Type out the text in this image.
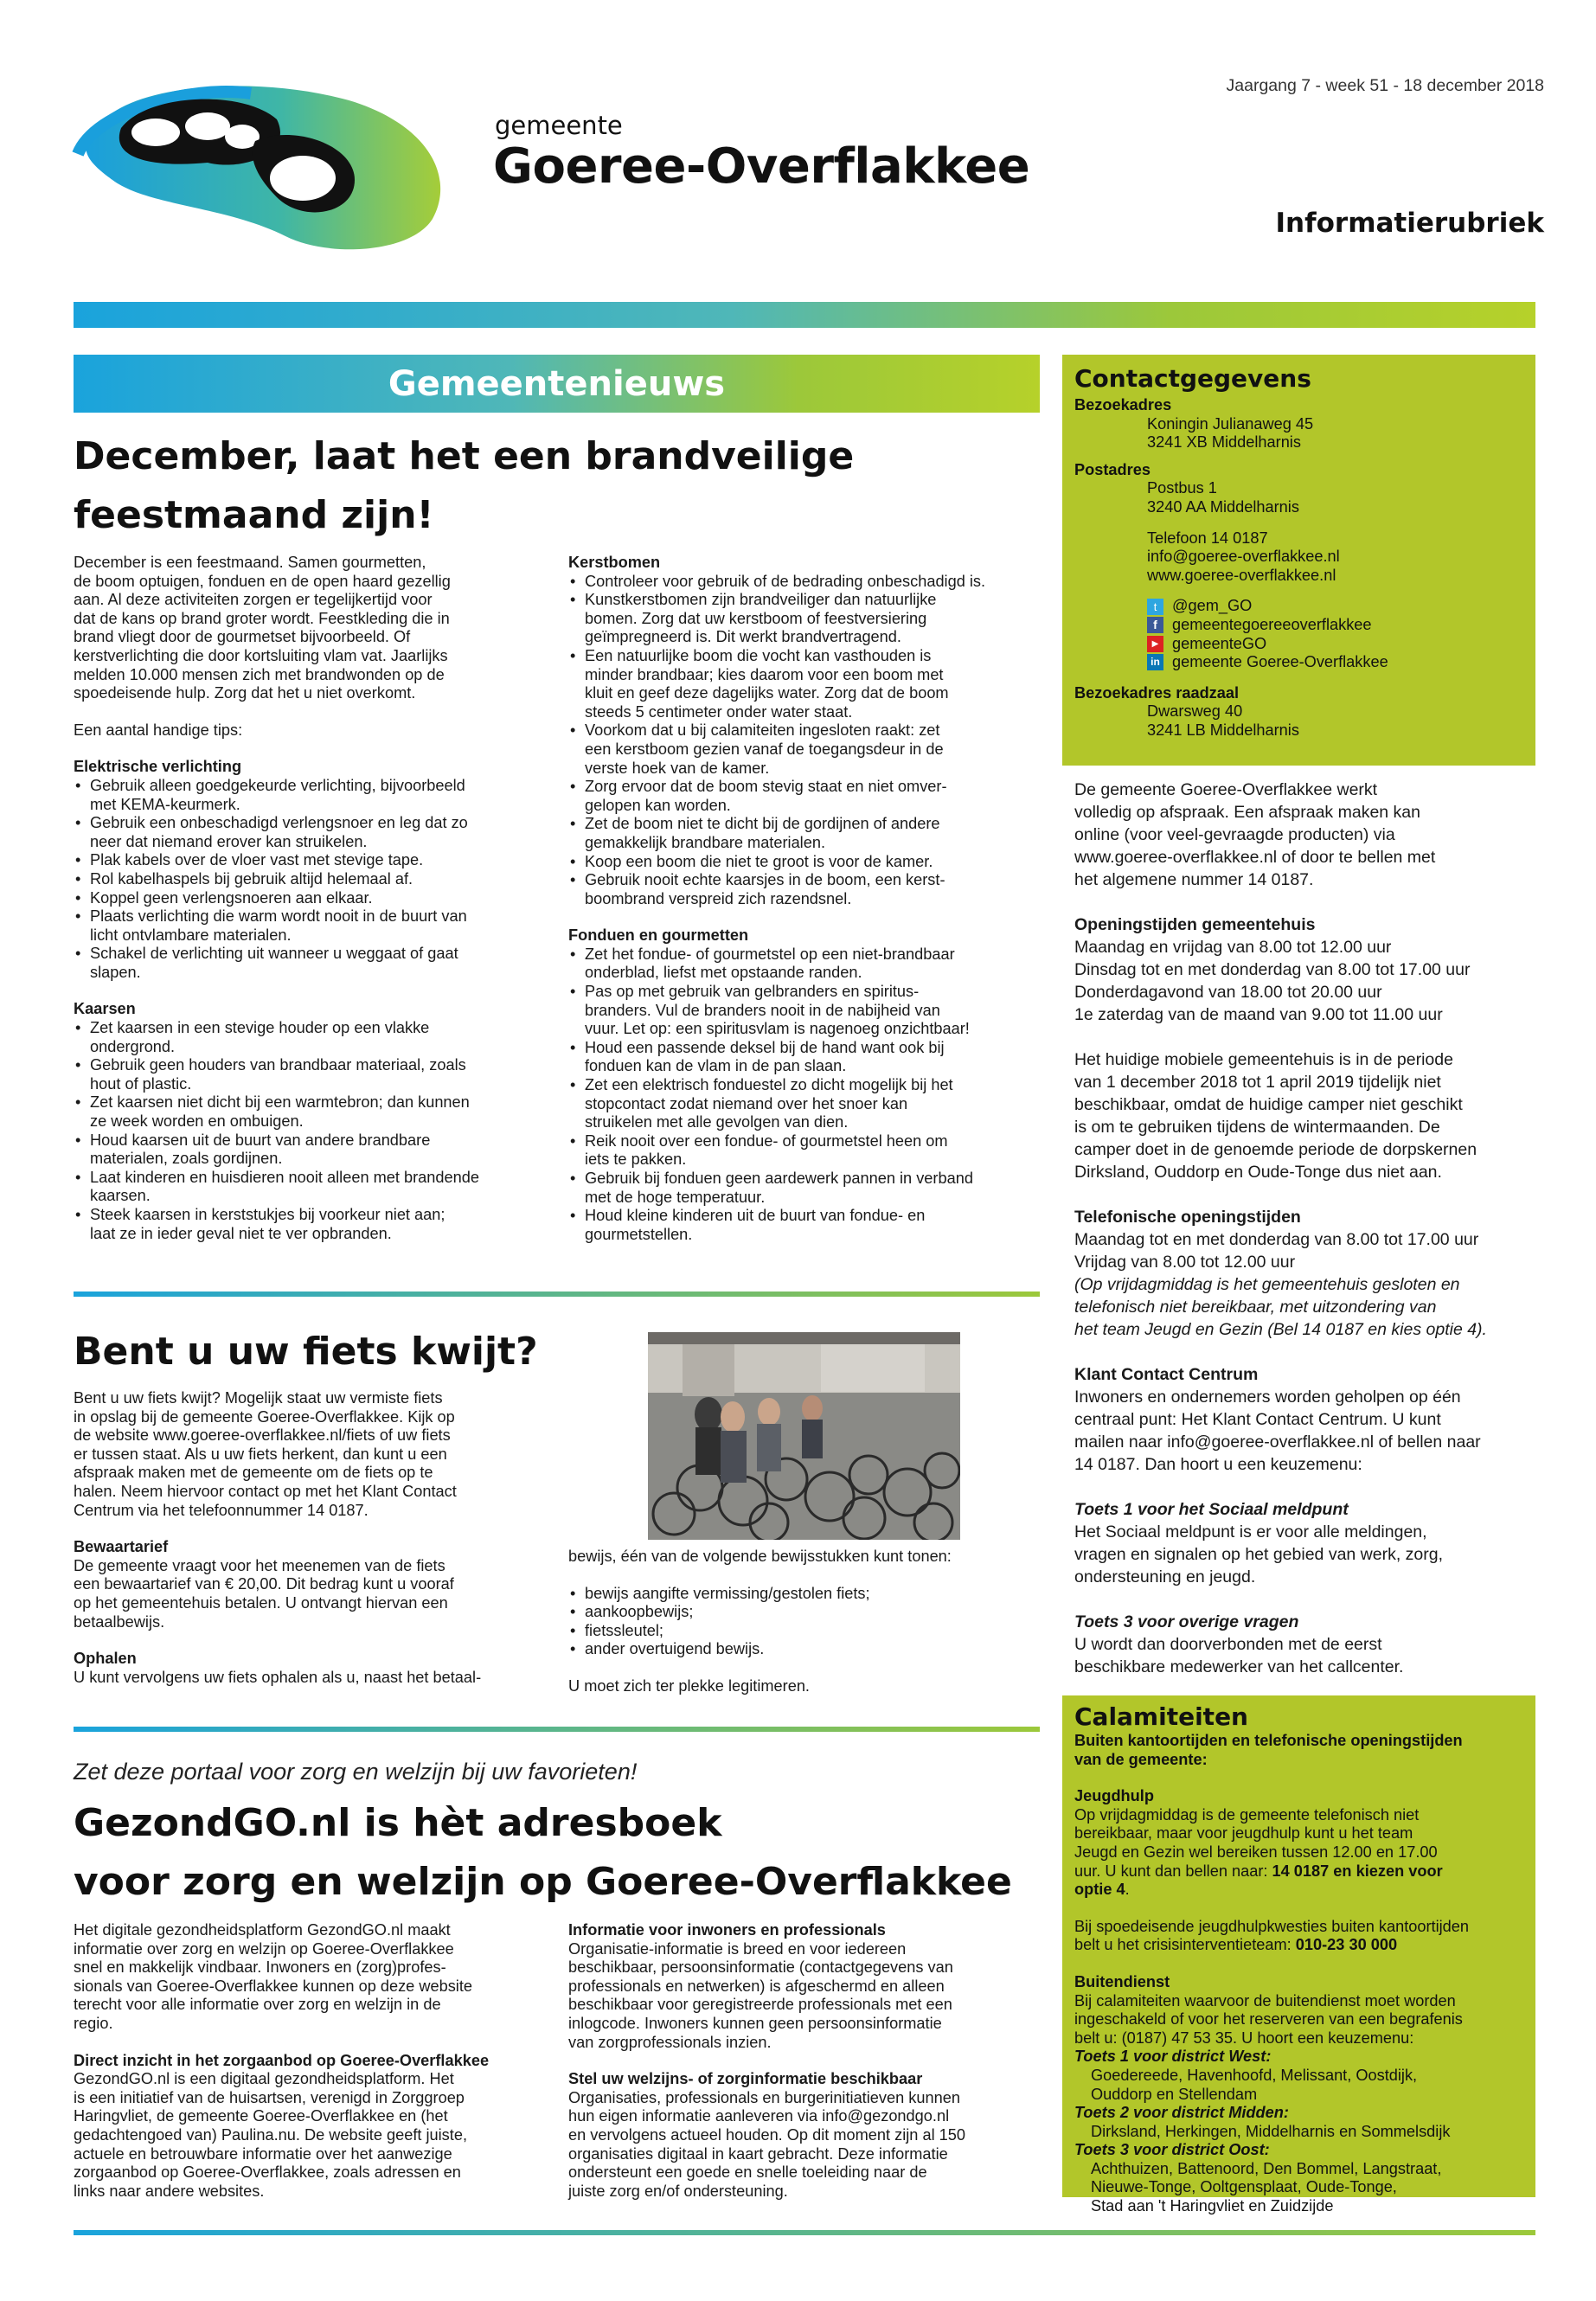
Jaargang 7 - week 51 - 18 december 2018
gemeente
Goeree-Overflakkee
Informatierubriek
Gemeentenieuws
December, laat het een brandveilige
feestmaand zijn!
December is een feestmaand. Samen gourmetten,
de boom optuigen, fonduen en de open haard gezellig
aan. Al deze activiteiten zorgen er tegelijkertijd voor
dat de kans op brand groter wordt. Feestkleding die in
brand vliegt door de gourmetset bijvoorbeeld. Of
kerstverlichting die door kortsluiting vlam vat. Jaarlijks
melden 10.000 mensen zich met brandwonden op de
spoedeisende hulp. Zorg dat het u niet overkomt.

Een aantal handige tips:

Elektrische verlichting

• Gebruik alleen goedgekeurde verlichting, bijvoorbeeld
met KEMA-keurmerk.
• Gebruik een onbeschadigd verlengsnoer en leg dat zo
neer dat niemand erover kan struikelen.
• Plak kabels over de vloer vast met stevige tape.
• Rol kabelhaspels bij gebruik altijd helemaal af.
• Koppel geen verlengsnoeren aan elkaar.
• Plaats verlichting die warm wordt nooit in de buurt van
licht ontvlambare materialen.
• Schakel de verlichting uit wanneer u weggaat of gaat
slapen.

Kaarsen

• Zet kaarsen in een stevige houder op een vlakke
ondergrond.
• Gebruik geen houders van brandbaar materiaal, zoals
hout of plastic.
• Zet kaarsen niet dicht bij een warmtebron; dan kunnen
ze week worden en ombuigen.
• Houd kaarsen uit de buurt van andere brandbare
materialen, zoals gordijnen.
• Laat kinderen en huisdieren nooit alleen met brandende
kaarsen.
• Steek kaarsen in kerststukjes bij voorkeur niet aan;
laat ze in ieder geval niet te ver opbranden.

Kerstbomen

• Controleer voor gebruik of de bedrading onbeschadigd is.
• Kunstkerstbomen zijn brandveiliger dan natuurlijke
bomen. Zorg dat uw kerstboom of feestversiering
geïmpregneerd is. Dit werkt brandvertragend.
• Een natuurlijke boom die vocht kan vasthouden is
minder brandbaar; kies daarom voor een boom met
kluit en geef deze dagelijks water. Zorg dat de boom
steeds 5 centimeter onder water staat.
• Voorkom dat u bij calamiteiten ingesloten raakt: zet
een kerstboom gezien vanaf de toegangsdeur in de
verste hoek van de kamer.
• Zorg ervoor dat de boom stevig staat en niet omver-
gelopen kan worden.
• Zet de boom niet te dicht bij de gordijnen of andere
gemakkelijk brandbare materialen.
• Koop een boom die niet te groot is voor de kamer.
• Gebruik nooit echte kaarsjes in de boom, een kerst-
boombrand verspreid zich razendsnel.

Fonduen en gourmetten

• Zet het fondue- of gourmetstel op een niet-brandbaar
onderblad, liefst met opstaande randen.
• Pas op met gebruik van gelbranders en spiritus-
branders. Vul de branders nooit in de nabijheid van
vuur. Let op: een spiritusvlam is nagenoeg onzichtbaar!
• Houd een passende deksel bij de hand want ook bij
fonduen kan de vlam in de pan slaan.
• Zet een elektrisch fonduestel zo dicht mogelijk bij het
stopcontact zodat niemand over het snoer kan
struikelen met alle gevolgen van dien.
• Reik nooit over een fondue- of gourmetstel heen om
iets te pakken.
• Gebruik bij fonduen geen aardewerk pannen in verband
met de hoge temperatuur.
• Houd kleine kinderen uit de buurt van fondue- en
gourmetstellen.
Bent u uw fiets kwijt?
Bent u uw fiets kwijt? Mogelijk staat uw vermiste fiets
in opslag bij de gemeente Goeree-Overflakkee. Kijk op
de website www.goeree-overflakkee.nl/fiets of uw fiets
er tussen staat. Als u uw fiets herkent, dan kunt u een
afspraak maken met de gemeente om de fiets op te
halen. Neem hiervoor contact op met het Klant Contact
Centrum via het telefoonnummer 14 0187.

Bewaartarief

De gemeente vraagt voor het meenemen van de fiets
een bewaartarief van € 20,00. Dit bedrag kunt u vooraf
op het gemeentehuis betalen. U ontvangt hiervan een
betaalbewijs.

Ophalen

U kunt vervolgens uw fiets ophalen als u, naast het betaal-

bewijs, één van de volgende bewijsstukken kunt tonen:

• bewijs aangifte vermissing/gestolen fiets;
• aankoopbewijs;
• fietssleutel;
• ander overtuigend bewijs.

U moet zich ter plekke legitimeren.

Zet deze portaal voor zorg en welzijn bij uw favorieten!
GezondGO.nl is hèt adresboek
voor zorg en welzijn op Goeree-Overflakkee
Het digitale gezondheidsplatform GezondGO.nl maakt
informatie over zorg en welzijn op Goeree-Overflakkee
snel en makkelijk vindbaar. Inwoners en (zorg)profes-
sionals van Goeree-Overflakkee kunnen op deze website
terecht voor alle informatie over zorg en welzijn in de
regio.

Direct inzicht in het zorgaanbod op Goeree-Overflakkee

GezondGO.nl is een digitaal gezondheidsplatform. Het
is een initiatief van de huisartsen, verenigd in Zorggroep
Haringvliet, de gemeente Goeree-Overflakkee en (het
gedachtengoed van) Paulina.nu. De website geeft juiste,
actuele en betrouwbare informatie over het aanwezige
zorgaanbod op Goeree-Overflakkee, zoals adressen en
links naar andere websites.

Informatie voor inwoners en professionals

Organisatie-informatie is breed en voor iedereen
beschikbaar, persoonsinformatie (contactgegevens van
professionals en netwerken) is afgeschermd en alleen
beschikbaar voor geregistreerde professionals met een
inlogcode. Inwoners kunnen geen persoonsinformatie
van zorgprofessionals inzien.

Stel uw welzijns- of zorginformatie beschikbaar

Organisaties, professionals en burgerinitiatieven kunnen
hun eigen informatie aanleveren via info@gezondgo.nl
en vervolgens actueel houden. Op dit moment zijn al 150
organisaties digitaal in kaart gebracht. Deze informatie
ondersteunt een goede en snelle toeleiding naar de
juiste zorg en/of ondersteuning.
Contactgegevens

Bezoekadres

Koningin Julianaweg 45
3241 XB Middelharnis

Postadres

Postbus 1
3240 AA Middelharnis
Telefoon 14 0187
info@goeree-overflakkee.nl
www.goeree-overflakkee.nl
t @gem_GO
f gemeentegoereeoverflakkee
▶ gemeenteGO
in gemeente Goeree-Overflakkee

Bezoekadres raadzaal

Dwarsweg 40
3241 LB Middelharnis
De gemeente Goeree-Overflakkee werkt
volledig op afspraak. Een afspraak maken kan
online (voor veel-gevraagde producten) via
www.goeree-overflakkee.nl of door te bellen met
het algemene nummer 14 0187.

Openingstijden gemeentehuis

Maandag en vrijdag van 8.00 tot 12.00 uur
Dinsdag tot en met donderdag van 8.00 tot 17.00 uur
Donderdagavond van 18.00 tot 20.00 uur
1e zaterdag van de maand van 9.00 tot 11.00 uur
Het huidige mobiele gemeentehuis is in de periode
van 1 december 2018 tot 1 april 2019 tijdelijk niet
beschikbaar, omdat de huidige camper niet geschikt
is om te gebruiken tijdens de wintermaanden. De
camper doet in de genoemde periode de dorpskernen
Dirksland, Ouddorp en Oude-Tonge dus niet aan.

Telefonische openingstijden

Maandag tot en met donderdag van 8.00 tot 17.00 uur
Vrijdag van 8.00 tot 12.00 uur
(Op vrijdagmiddag is het gemeentehuis gesloten en
telefonisch niet bereikbaar, met uitzondering van
het team Jeugd en Gezin (Bel 14 0187 en kies optie 4).

Klant Contact Centrum

Inwoners en ondernemers worden geholpen op één
centraal punt: Het Klant Contact Centrum. U kunt
mailen naar info@goeree-overflakkee.nl of bellen naar
14 0187. Dan hoort u een keuzemenu:

Toets 1 voor het Sociaal meldpunt

Het Sociaal meldpunt is er voor alle meldingen,
vragen en signalen op het gebied van werk, zorg,
ondersteuning en jeugd.

Toets 3 voor overige vragen

U wordt dan doorverbonden met de eerst
beschikbare medewerker van het callcenter.
Calamiteiten
Buiten kantoortijden en telefonische openingstijden
van de gemeente:

Jeugdhulp

Op vrijdagmiddag is de gemeente telefonisch niet
bereikbaar, maar voor jeugdhulp kunt u het team
Jeugd en Gezin wel bereiken tussen 12.00 en 17.00

uur. U kunt dan bellen naar: 14 0187 en kiezen voor

optie 4.

Bij spoedeisende jeugdhulpkwesties buiten kantoortijden

belt u het crisisinterventieteam: 010-23 30 000

Buitendienst

Bij calamiteiten waarvoor de buitendienst moet worden
ingeschakeld of voor het reserveren van een begrafenis
belt u: (0187) 47 53 35. U hoort een keuzemenu:

Toets 1 voor district West:

Goedereede, Havenhoofd, Melissant, Oostdijk,
Ouddorp en Stellendam

Toets 2 voor district Midden:

Dirksland, Herkingen, Middelharnis en Sommelsdijk

Toets 3 voor district Oost:

Achthuizen, Battenoord, Den Bommel, Langstraat,
Nieuwe-Tonge, Ooltgensplaat, Oude-Tonge,
Stad aan 't Haringvliet en Zuidzijde
